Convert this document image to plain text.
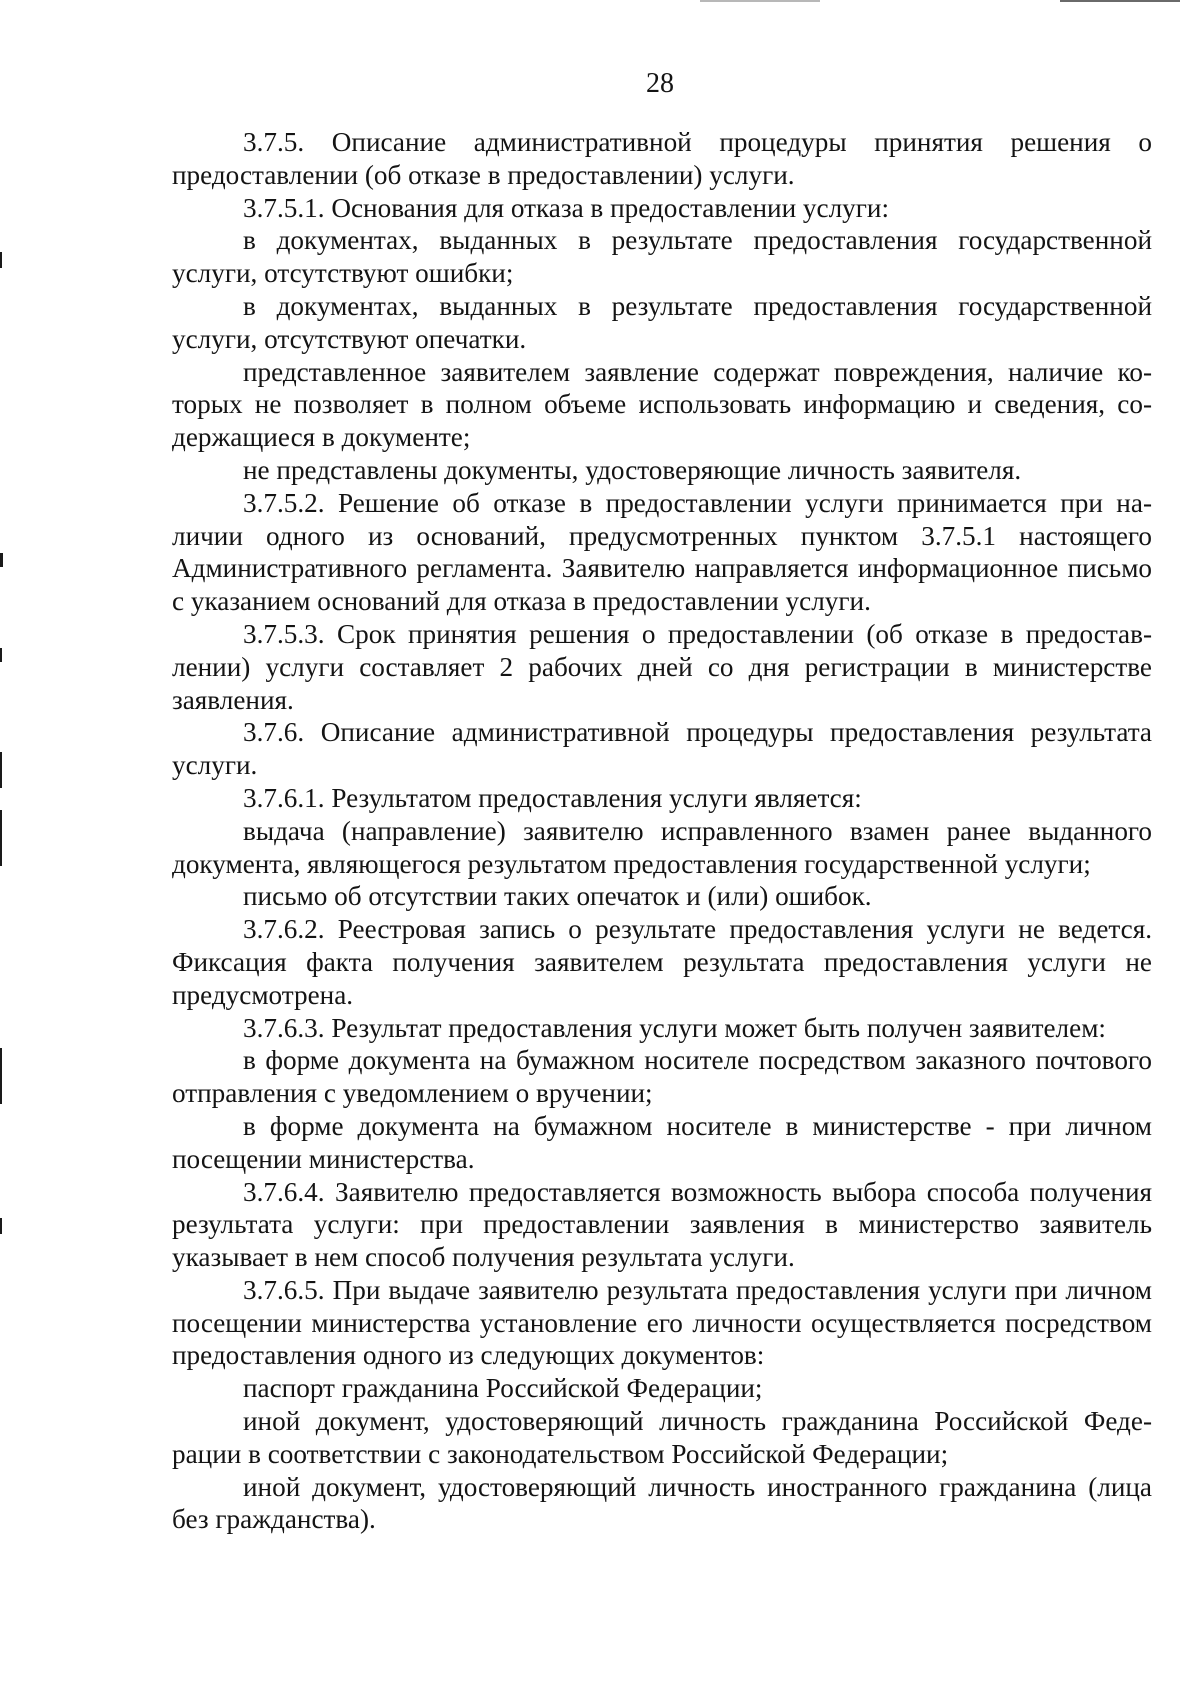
28

3.7.5. Описание административной процедуры принятия решения о предоставлении (об отказе в предоставлении) услуги.

3.7.5.1. Основания для отказа в предоставлении услуги:

в документах, выданных в результате предоставления государственной услуги, отсутствуют ошибки;

в документах, выданных в результате предоставления государственной услуги, отсутствуют опечатки.

представленное заявителем заявление содержат повреждения, наличие которых не позволяет в полном объеме использовать информацию и сведения, содержащиеся в документе;

не представлены документы, удостоверяющие личность заявителя.

3.7.5.2. Решение об отказе в предоставлении услуги принимается при наличии одного из оснований, предусмотренных пунктом 3.7.5.1 настоящего Административного регламента. Заявителю направляется информационное письмо с указанием оснований для отказа в предоставлении услуги.

3.7.5.3. Срок принятия решения о предоставлении (об отказе в предоставлении) услуги составляет 2 рабочих дней со дня регистрации в министерстве заявления.

3.7.6. Описание административной процедуры предоставления результата услуги.

3.7.6.1. Результатом предоставления услуги является:

выдача (направление) заявителю исправленного взамен ранее выданного документа, являющегося результатом предоставления государственной услуги;

письмо об отсутствии таких опечаток и (или) ошибок.

3.7.6.2. Реестровая запись о результате предоставления услуги не ведется. Фиксация факта получения заявителем результата предоставления услуги не предусмотрена.

3.7.6.3. Результат предоставления услуги может быть получен заявителем:

в форме документа на бумажном носителе посредством заказного почтового отправления с уведомлением о вручении;

в форме документа на бумажном носителе в министерстве - при личном посещении министерства.

3.7.6.4. Заявителю предоставляется возможность выбора способа получения результата услуги: при предоставлении заявления в министерство заявитель указывает в нем способ получения результата услуги.

3.7.6.5. При выдаче заявителю результата предоставления услуги при личном посещении министерства установление его личности осуществляется посредством предоставления одного из следующих документов:

паспорт гражданина Российской Федерации;

иной документ, удостоверяющий личность гражданина Российской Федерации в соответствии с законодательством Российской Федерации;

иной документ, удостоверяющий личность иностранного гражданина (лица без гражданства).
